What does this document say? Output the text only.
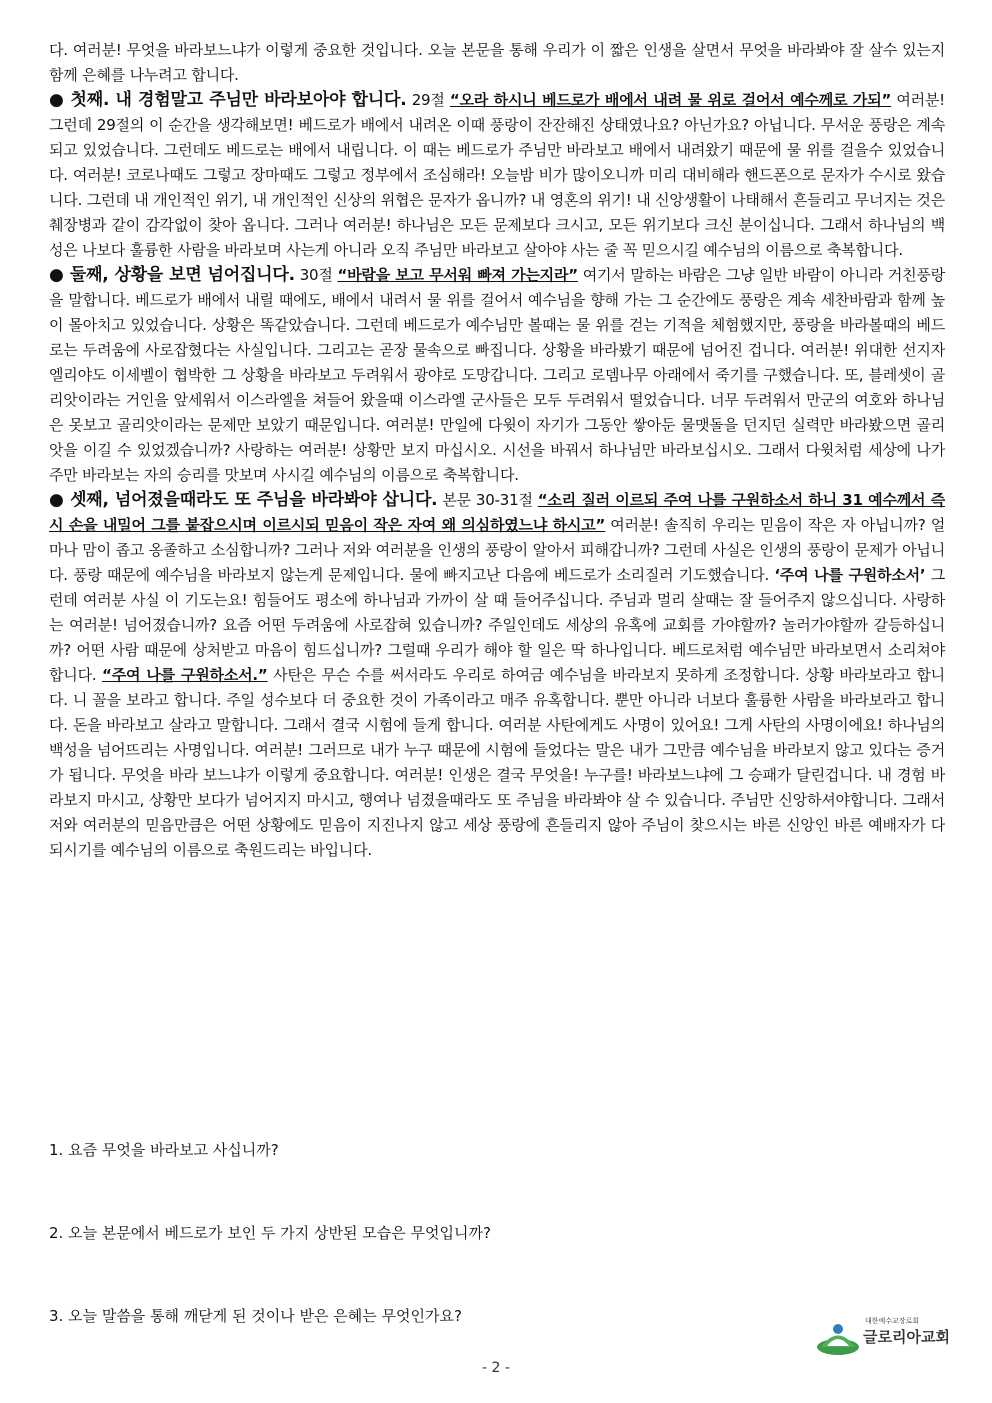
다. 여러분! 무엇을 바라보느냐가 이렇게 중요한 것입니다. 오늘 본문을 통해 우리가 이 짧은 인생을 살면서 무엇을 바라봐야 잘 살수 있는지 함께 은혜를 나누려고 합니다.

● 첫째. 내 경험말고 주님만 바라보아야 합니다. 29절 “오라 하시니 베드로가 배에서 내려 물 위로 걸어서 예수께로 가되” 여러분! 그런데 29절의 이 순간을 생각해보면! 베드로가 배에서 내려온 이때 풍랑이 잔잔해진 상태였나요? 아닌가요? 아닙니다. 무서운 풍랑은 계속되고 있었습니다. 그런데도 베드로는 배에서 내립니다. 이 때는 베드로가 주님만 바라보고 배에서 내려왔기 때문에 물 위를 걸을수 있었습니다. 여러분! 코로나때도 그렇고 장마때도 그렇고 정부에서 조심해라! 오늘밤 비가 많이오니까 미리 대비해라 핸드폰으로 문자가 수시로 왔습니다. 그런데 내 개인적인 위기, 내 개인적인 신상의 위협은 문자가 옵니까? 내 영혼의 위기! 내 신앙생활이 나태해서 흔들리고 무너지는 것은 췌장병과 같이 감각없이 찾아 옵니다. 그러나 여러분! 하나님은 모든 문제보다 크시고, 모든 위기보다 크신 분이십니다. 그래서 하나님의 백성은 나보다 훌륭한 사람을 바라보며 사는게 아니라 오직 주님만 바라보고 살아야 사는 줄 꼭 믿으시길 예수님의 이름으로 축복합니다.

● 둘째, 상황을 보면 넘어집니다. 30절 “바람을 보고 무서워 빠져 가는지라” 여기서 말하는 바람은 그냥 일반 바람이 아니라 거친풍랑을 말합니다. 베드로가 배에서 내릴 때에도, 배에서 내려서 물 위를 걸어서 예수님을 향해 가는 그 순간에도 풍랑은 계속 세찬바람과 함께 높이 몰아치고 있었습니다. 상황은 똑같았습니다. 그런데 베드로가 예수님만 볼때는 물 위를 걷는 기적을 체험했지만, 풍랑을 바라볼때의 베드로는 두려움에 사로잡혔다는 사실입니다. 그리고는 곧장 물속으로 빠집니다. 상황을 바라봤기 때문에 넘어진 겁니다. 여러분! 위대한 선지자 엘리야도 이세벨이 협박한 그 상황을 바라보고 두려워서 광야로 도망갑니다. 그리고 로뎀나무 아래에서 죽기를 구했습니다. 또, 블레셋이 골리앗이라는 거인을 앞세워서 이스라엘을 쳐들어 왔을때 이스라엘 군사들은 모두 두려워서 떨었습니다. 너무 두려워서 만군의 여호와 하나님은 못보고 골리앗이라는 문제만 보았기 때문입니다. 여러분! 만일에 다윗이 자기가 그동안 쌓아둔 물맷돌을 던지던 실력만 바라봤으면 골리앗을 이길 수 있었겠습니까? 사랑하는 여러분! 상황만 보지 마십시오. 시선을 바꿔서 하나님만 바라보십시오. 그래서 다윗처럼 세상에 나가 주만 바라보는 자의 승리를 맛보며 사시길 예수님의 이름으로 축복합니다.

● 셋째, 넘어졌을때라도 또 주님을 바라봐야 삽니다. 본문 30-31절 “소리 질러 이르되 주여 나를 구원하소서 하니 31 예수께서 즉시 손을 내밀어 그를 붙잡으시며 이르시되 믿음이 작은 자여 왜 의심하였느냐 하시고” 여러분! 솔직히 우리는 믿음이 작은 자 아닙니까? 얼마나 맘이 좁고 옹졸하고 소심합니까? 그러나 저와 여러분을 인생의 풍랑이 알아서 피해갑니까? 그런데 사실은 인생의 풍랑이 문제가 아닙니다. 풍랑 때문에 예수님을 바라보지 않는게 문제입니다. 물에 빠지고난 다음에 베드로가 소리질러 기도했습니다. ‘주여 나를 구원하소서’ 그런데 여러분 사실 이 기도는요! 힘들어도 평소에 하나님과 가까이 살 때 들어주십니다. 주님과 멀리 살때는 잘 들어주지 않으십니다. 사랑하는 여러분! 넘어졌습니까? 요즘 어떤 두려움에 사로잡혀 있습니까? 주일인데도 세상의 유혹에 교회를 가야할까? 놀러가야할까 갈등하십니까? 어떤 사람 때문에 상처받고 마음이 힘드십니까? 그럴때 우리가 해야 할 일은 딱 하나입니다. 베드로처럼 예수님만 바라보면서 소리쳐야 합니다. “주여 나를 구원하소서.” 사탄은 무슨 수를 써서라도 우리로 하여금 예수님을 바라보지 못하게 조정합니다. 상황 바라보라고 합니다. 니 꼴을 보라고 합니다. 주일 성수보다 더 중요한 것이 가족이라고 매주 유혹합니다. 뿐만 아니라 너보다 훌륭한 사람을 바라보라고 합니다. 돈을 바라보고 살라고 말합니다. 그래서 결국 시험에 들게 합니다. 여러분 사탄에게도 사명이 있어요! 그게 사탄의 사명이에요! 하나님의 백성을 넘어뜨리는 사명입니다. 여러분! 그러므로 내가 누구 때문에 시험에 들었다는 말은 내가 그만큼 예수님을 바라보지 않고 있다는 증거가 됩니다. 무엇을 바라 보느냐가 이렇게 중요합니다. 여러분! 인생은 결국 무엇을! 누구를! 바라보느냐에 그 승패가 달린겁니다. 내 경험 바라보지 마시고, 상황만 보다가 넘어지지 마시고, 행여나 넘졌을때라도 또 주님을 바라봐야 살 수 있습니다. 주님만 신앙하셔야합니다. 그래서 저와 여러분의 믿음만큼은 어떤 상황에도 믿음이 지진나지 않고 세상 풍랑에 흔들리지 않아 주님이 찾으시는 바른 신앙인 바른 예배자가 다 되시기를 예수님의 이름으로 축원드리는 바입니다.

1. 요즘 무엇을 바라보고 사십니까?

2. 오늘 본문에서 베드로가 보인 두 가지 상반된 모습은 무엇입니까?

3. 오늘 말씀을 통해 깨닫게 된 것이나 받은 은혜는 무엇인가요?	대한예수교장로회
글로리아교회
- 2 -
